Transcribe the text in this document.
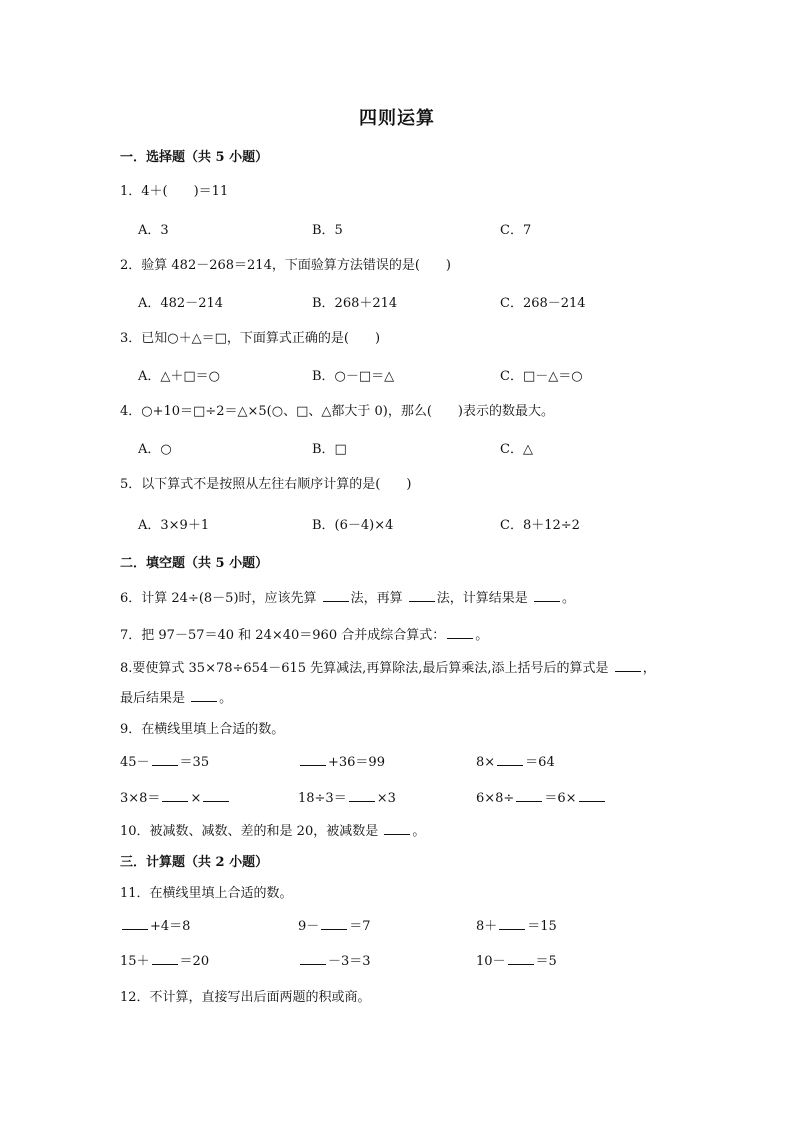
四则运算
一．选择题（共 5 小题）
1．4＋(　　)＝11
A．3	B．5	C．7
2．验算 482－268＝214，下面验算方法错误的是(　　)
A．482－214	B．268＋214	C．268－214
3．已知○＋△＝□，下面算式正确的是(　　)
A．△＋□＝○	B．○－□＝△	C．□－△＝○
4．○+10＝□÷2＝△×5(○、□、△都大于 0)，那么(　　)表示的数最大。
A．○	B．□	C．△
5．以下算式不是按照从左往右顺序计算的是(　　)
A．3×9＋1	B．(6－4)×4	C．8＋12÷2
二．填空题（共 5 小题）
6．计算 24÷(8－5)时，应该先算 法，再算 法，计算结果是 。
7．把 97－57＝40 和 24×40＝960 合并成综合算式： 。
8.要使算式 35×78÷654－615 先算减法,再算除法,最后算乘法,添上括号后的算式是 ，
最后结果是 。
9．在横线里填上合适的数。
45－ ＝35	+36＝99	8× ＝64
3×8＝ ×	18÷3＝ ×3	6×8÷ ＝6×
10．被减数、减数、差的和是 20，被减数是 。
三．计算题（共 2 小题）
11．在横线里填上合适的数。
+4＝8	9－ ＝7	8＋ ＝15
15＋ ＝20	－3＝3	10－ ＝5
12．不计算，直接写出后面两题的积或商。
